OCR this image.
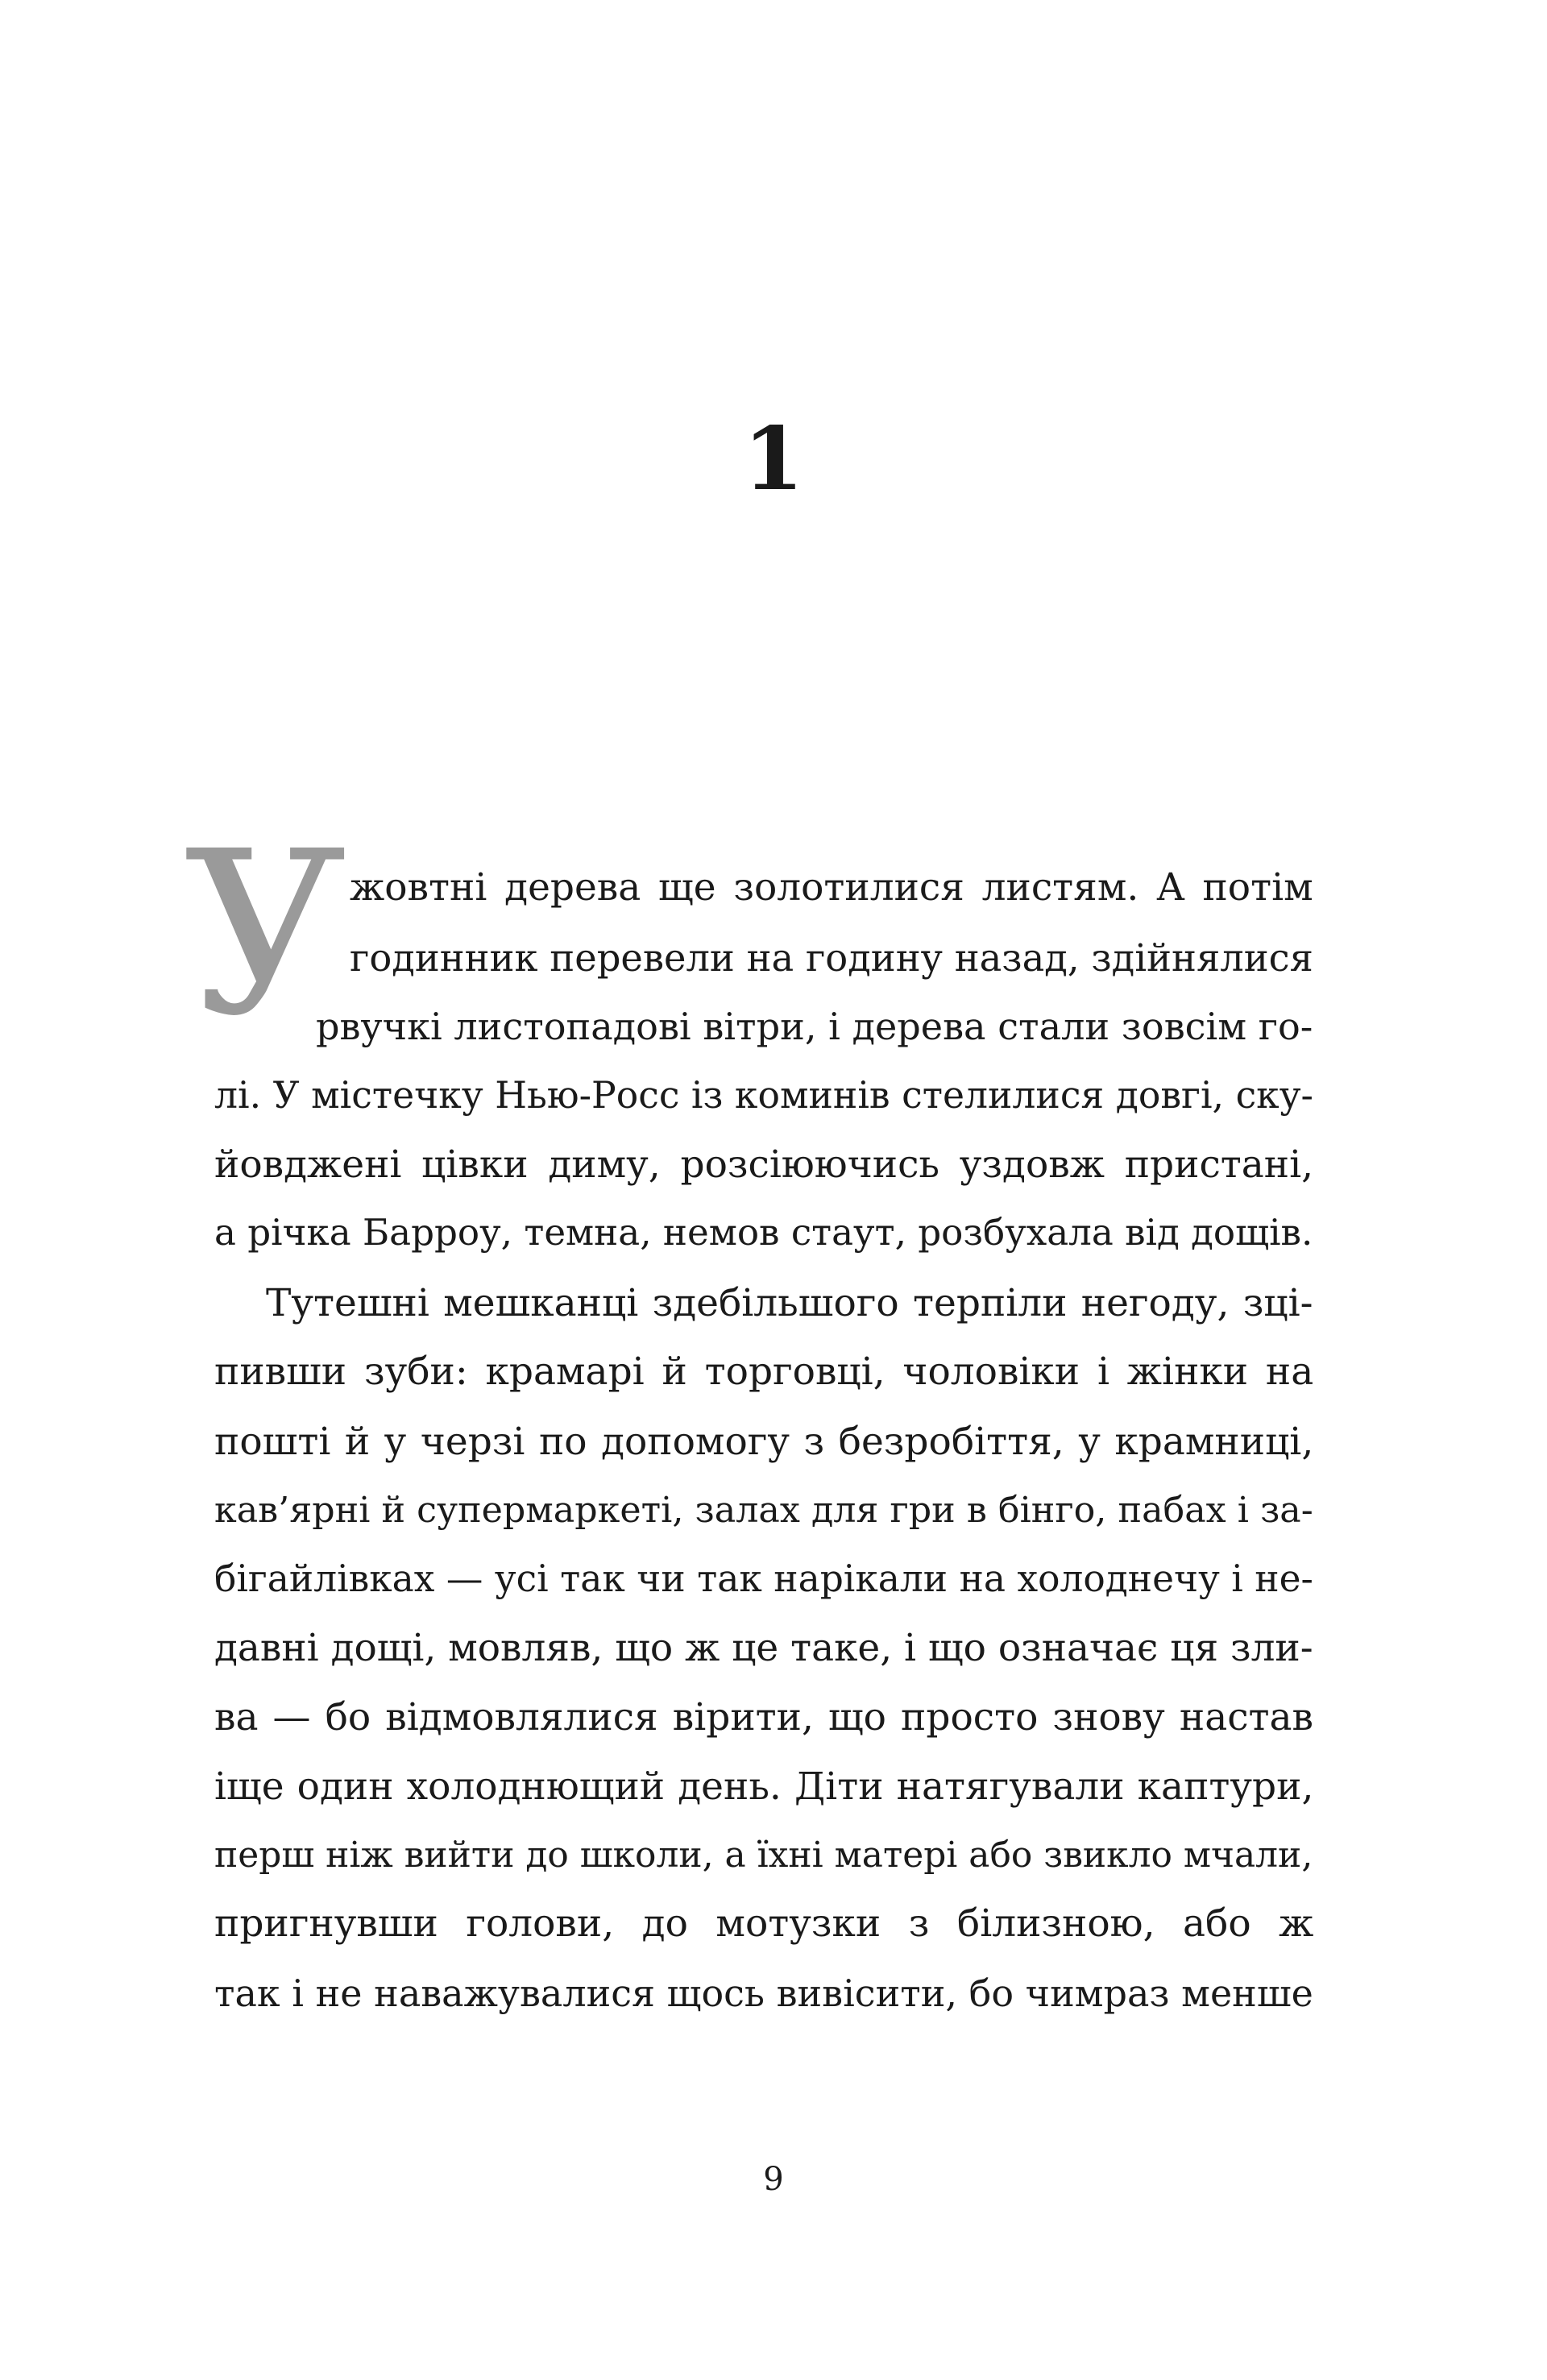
1
У жовтні дерева ще золотилися листям. А потім
годинник перевели на годину назад, здійнялися
рвучкі листопадові вітри, і дерева стали зовсім го-
лі. У містечку Нью-Росс із коминів стелилися довгі, ску-
йовджені цівки диму, розсіюючись уздовж пристані,
а річка Барроу, темна, немов стаут, розбухала від дощів.
Тутешні мешканці здебільшого терпіли негоду, зці-
пивши зуби: крамарі й торговці, чоловіки і жінки на
пошті й у черзі по допомогу з безробіття, у крамниці,
кав’ярні й супермаркеті, залах для гри в бінго, пабах і за-
бігайлівках — усі так чи так нарікали на холоднечу і не-
давні дощі, мовляв, що ж це таке, і що означає ця зли-
ва — бо відмовлялися вірити, що просто знову настав
іще один холоднющий день. Діти натягували каптури,
перш ніж вийти до школи, а їхні матері або звикло мчали,
пригнувши голови, до мотузки з білизною, або ж
так і не наважувалися щось вивісити, бо чимраз менше
9
